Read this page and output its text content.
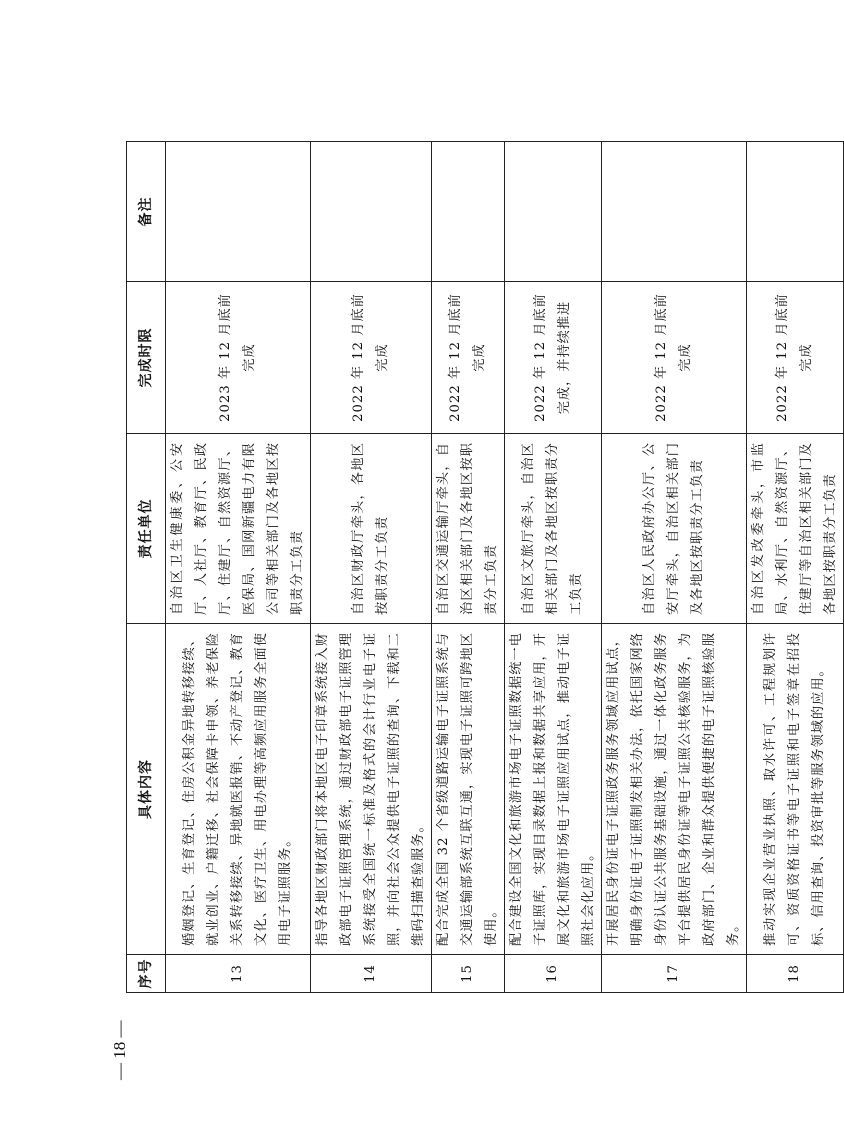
序号	具体内容	责任单位	完成时限	备注
13	婚姻登记、生育登记、住房公积金异地转移接续、就业创业、户籍迁移、社会保障卡申领、养老保险关系转移接续、异地就医报销、不动产登记、教育文化、医疗卫生、用电办理等高频应用服务全面使用电子证照服务。	自治区卫生健康委、公安厅、人社厅、教育厅、民政厅、住建厅、自然资源厅、医保局、国网新疆电力有限公司等相关部门及各地区按职责分工负责	2023 年 12 月底前完成	
14	指导各地区财政部门将本地区电子印章系统接入财政部电子证照管理系统，通过财政部电子证照管理系统接受全国统一标准及格式的会计行业电子证照，并向社会公众提供电子证照的查询、下载和二维码扫描查验服务。	自治区财政厅牵头，各地区按职责分工负责	2022 年 12 月底前完成	
15	配合完成全国 32 个省级道路运输电子证照系统与交通运输部系统互联互通，实现电子证照可跨地区使用。	自治区交通运输厅牵头，自治区相关部门及各地区按职责分工负责	2022 年 12 月底前完成	
16	配合建设全国文化和旅游市场电子证照数据统一电子证照库，实现目录数据上报和数据共享应用，开展文化和旅游市场电子证照应用试点，推动电子证照社会化应用。	自治区文旅厅牵头，自治区相关部门及各地区按职责分工负责	2022 年 12 月底前完成，并持续推进	
17	开展居民身份证电子证照政务服务领域应用试点，明确身份证电子证照制发相关办法，依托国家网络身份认证公共服务基础设施，通过一体化政务服务平台提供居民身份证等电子证照公共核验服务，为政府部门、企业和群众提供便捷的电子证照核验服务。	自治区人民政府办公厅、公安厅牵头，自治区相关部门及各地区按职责分工负责	2022 年 12 月底前完成	
18	推动实现企业营业执照、取水许可、工程规划许可、资质资格证书等电子证照和电子签章在招投标、信用查询、投资审批等服务领域的应用。	自治区发改委牵头，市监局、水利厅、自然资源厅、住建厅等自治区相关部门及各地区按职责分工负责	2022 年 12 月底前完成	
— 18 —
